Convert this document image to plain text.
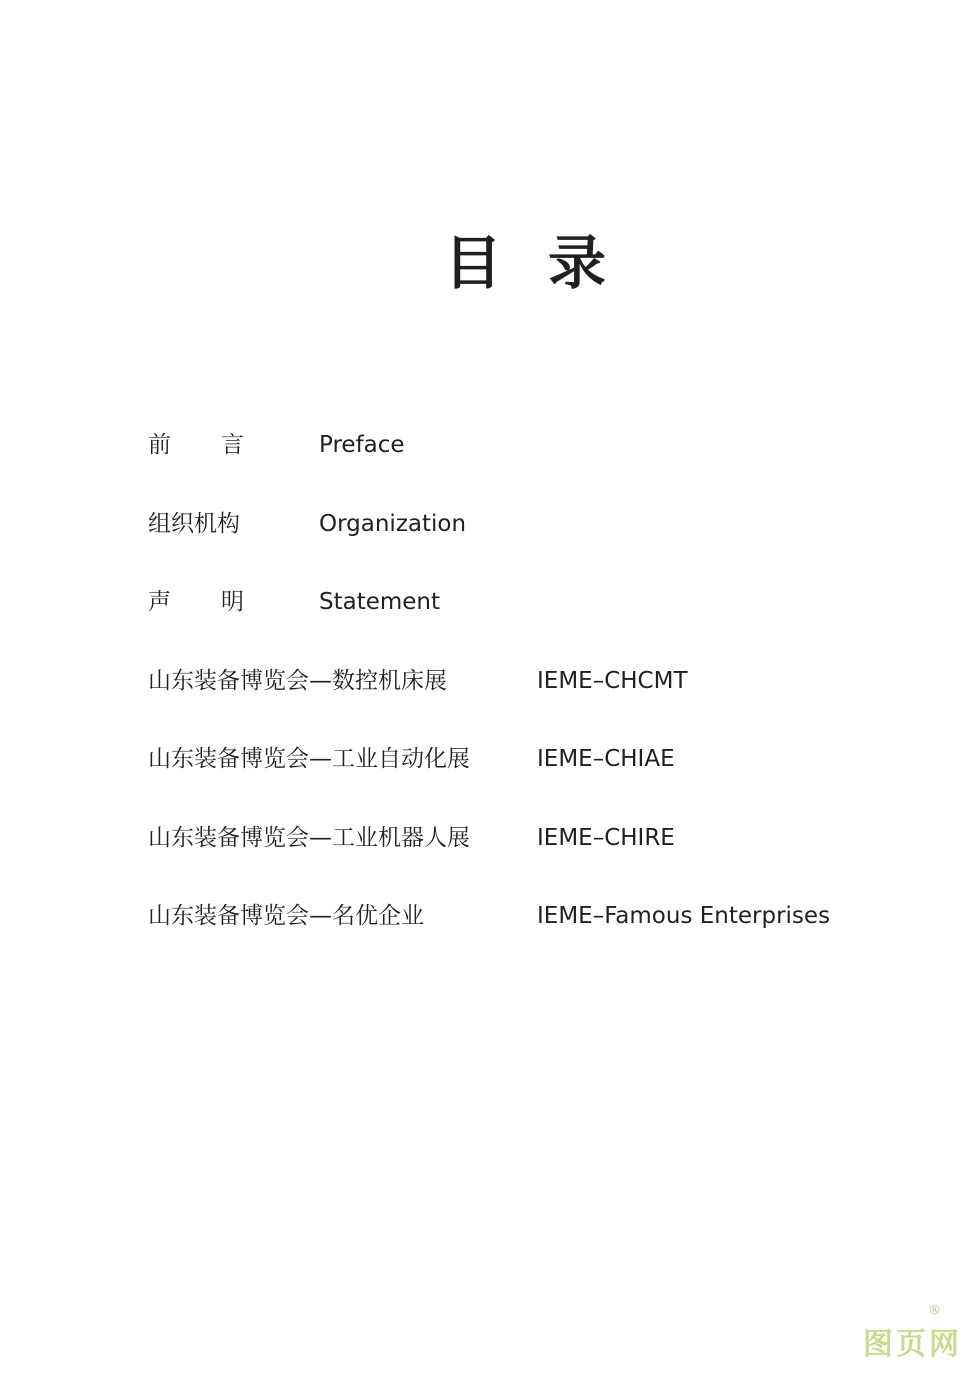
目 录
前 言	Preface
组织机构	Organization
声 明	Statement
山东装备博览会—数控机床展	IEME–CHCMT
山东装备博览会—工业自动化展	IEME–CHIAE
山东装备博览会—工业机器人展	IEME–CHIRE
山东装备博览会—名优企业	IEME–Famous Enterprises
图页网
®
